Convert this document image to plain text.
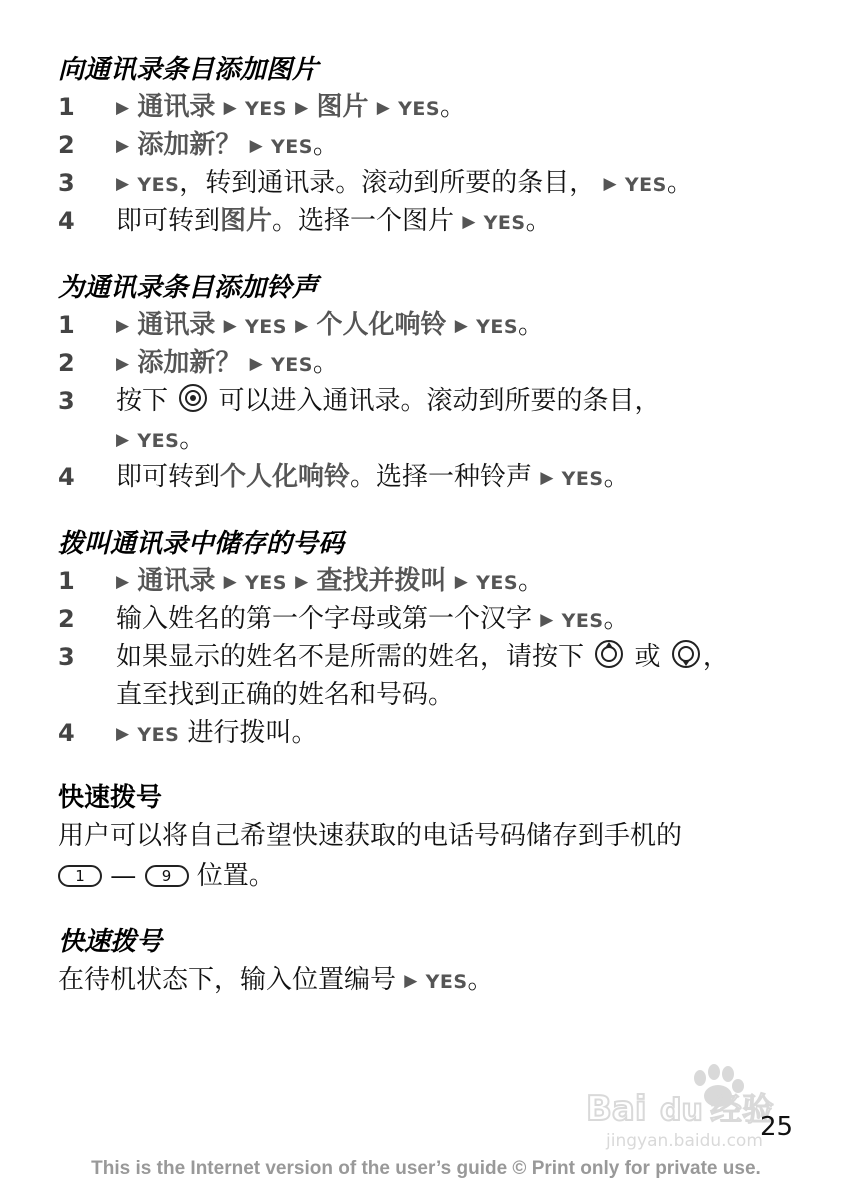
向通讯录条目添加图片
1	▶ 通讯录 ▶ YES ▶ 图片 ▶ YES。
2	▶ 添加新？ ▶ YES。
3	▶ YES，转到通讯录。滚动到所要的条目， ▶ YES。
4	即可转到图片。选择一个图片 ▶ YES。
为通讯录条目添加铃声
1	▶ 通讯录 ▶ YES ▶ 个人化响铃 ▶ YES。
2	▶ 添加新？ ▶ YES。
3	按下 可以进入通讯录。滚动到所要的条目，
▶ YES。
4	即可转到个人化响铃。选择一种铃声 ▶ YES。
拨叫通讯录中储存的号码
1	▶ 通讯录 ▶ YES ▶ 查找并拨叫 ▶ YES。
2	输入姓名的第一个字母或第一个汉字 ▶ YES。
3	如果显示的姓名不是所需的姓名，请按下 或 ，
直至找到正确的姓名和号码。
4	▶ YES 进行拨叫。
快速拨号
用户可以将自己希望快速获取的电话号码储存到手机的
1 — 9 位置。
快速拨号
在待机状态下，输入位置编号 ▶ YES。
Bai du 经验
jingyan.baidu.com
25
This is the Internet version of the user’s guide © Print only for private use.
